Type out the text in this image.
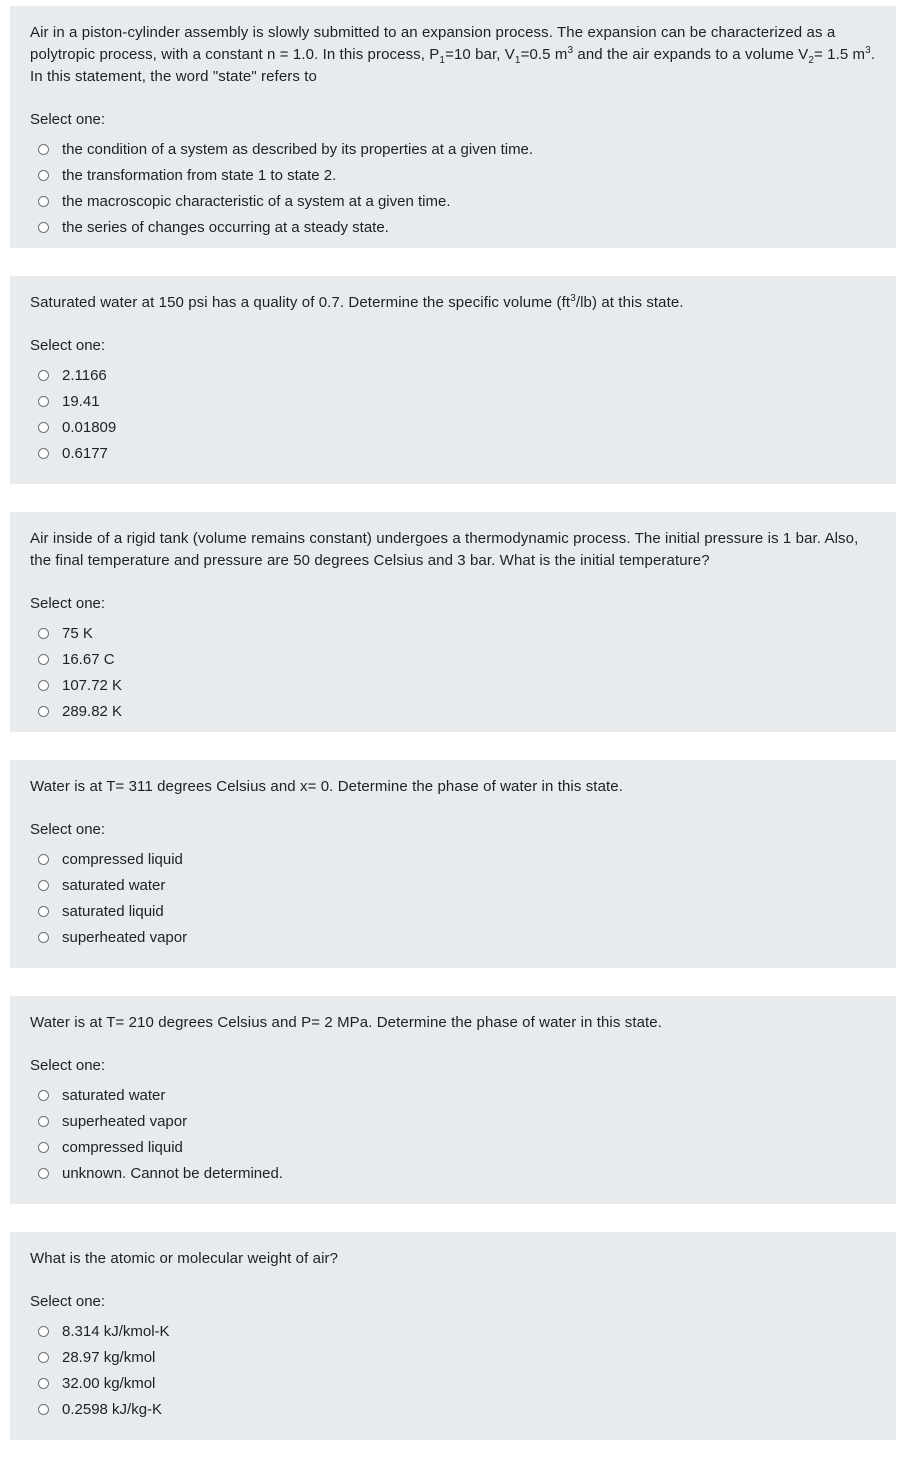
Air in a piston-cylinder assembly is slowly submitted to an expansion process. The expansion can be characterized as a polytropic process, with a constant n = 1.0. In this process, $P_1=10$ bar, $V_1=0.5$ $m^3$ and the air expands to a volume $V_2= 1.5$ $m^3$. In this statement, the word "state" refers to

Select one:
the condition of a system as described by its properties at a given time.
the transformation from state 1 to state 2.
the macroscopic characteristic of a system at a given time.
the series of changes occurring at a steady state.

Saturated water at 150 psi has a quality of 0.7. Determine the specific volume $(ft^3/lb)$ at this state.

Select one:
2.1166
19.41
0.01809
0.6177

Air inside of a rigid tank (volume remains constant) undergoes a thermodynamic process. The initial pressure is 1 bar. Also, the final temperature and pressure are 50 degrees Celsius and 3 bar. What is the initial temperature?

Select one:
75 K
16.67 C
107.72 K
289.82 K

Water is at T= 311 degrees Celsius and x= 0. Determine the phase of water in this state.

Select one:
compressed liquid
saturated water
saturated liquid
superheated vapor

Water is at T= 210 degrees Celsius and P= 2 MPa. Determine the phase of water in this state.

Select one:
saturated water
superheated vapor
compressed liquid
unknown. Cannot be determined.

What is the atomic or molecular weight of air?

Select one:
8.314 kJ/kmol-K
28.97 kg/kmol
32.00 kg/kmol
0.2598 kJ/kg-K
